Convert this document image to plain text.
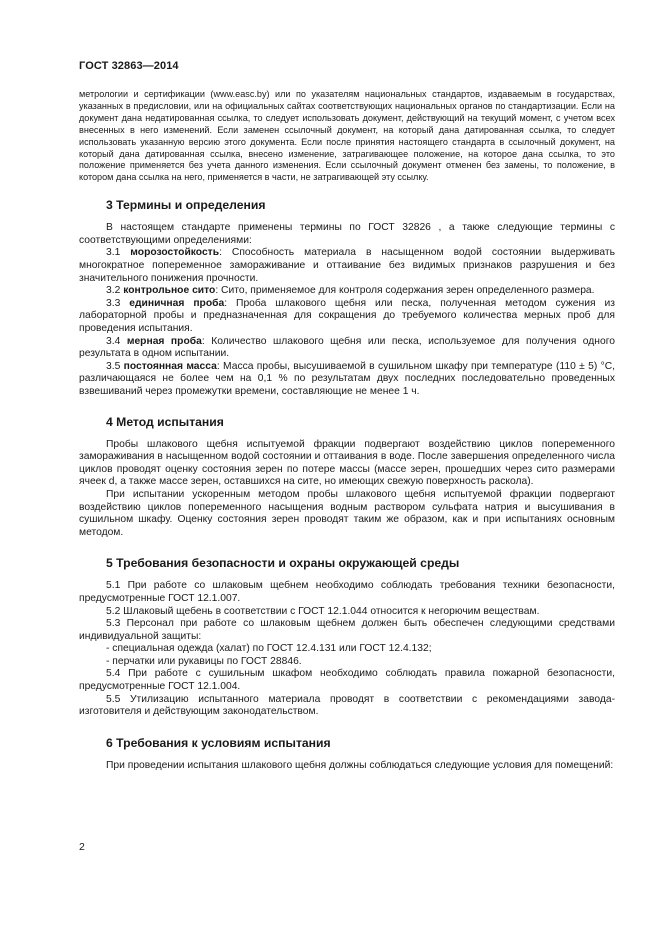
ГОСТ 32863—2014

метрологии и сертификации (www.easc.by) или по указателям национальных стандартов, издаваемым в государствах, указанных в предисловии, или на официальных сайтах соответствующих национальных органов по стандартизации. Если на документ дана недатированная ссылка, то следует использовать документ, действующий на текущий момент, с учетом всех внесенных в него изменений. Если заменен ссылочный документ, на который дана датированная ссылка, то следует использовать указанную версию этого документа. Если после принятия настоящего стандарта в ссылочный документ, на который дана датированная ссылка, внесено изменение, затрагивающее положение, на которое дана ссылка, то это положение применяется без учета данного изменения. Если ссылочный документ отменен без замены, то положение, в котором дана ссылка на него, применяется в части, не затрагивающей эту ссылку.

3 Термины и определения

В настоящем стандарте применены термины по ГОСТ 32826 , а также следующие термины с соответствующими определениями:

3.1 морозостойкость: Способность материала в насыщенном водой состоянии выдерживать многократное попеременное замораживание и оттаивание без видимых признаков разрушения и без значительного понижения прочности.

3.2 контрольное сито: Сито, применяемое для контроля содержания зерен определенного размера.

3.3 единичная проба: Проба шлакового щебня или песка, полученная методом сужения из лабораторной пробы и предназначенная для сокращения до требуемого количества мерных проб для проведения испытания.

3.4 мерная проба: Количество шлакового щебня или песка, используемое для получения одного результата в одном испытании.

3.5 постоянная масса: Масса пробы, высушиваемой в сушильном шкафу при температуре (110 ± 5) °С, различающаяся не более чем на 0,1 % по результатам двух последних последовательно проведенных взвешиваний через промежутки времени, составляющие не менее 1 ч.

4 Метод испытания

Пробы шлакового щебня испытуемой фракции подвергают воздействию циклов попеременного замораживания в насыщенном водой состоянии и оттаивания в воде. После завершения определенного числа циклов проводят оценку состояния зерен по потере массы (массе зерен, прошедших через сито размерами ячеек d, а также массе зерен, оставшихся на сите, но имеющих свежую поверхность раскола).

При испытании ускоренным методом пробы шлакового щебня испытуемой фракции подвергают воздействию циклов попеременного насыщения водным раствором сульфата натрия и высушивания в сушильном шкафу. Оценку состояния зерен проводят таким же образом, как и при испытаниях основным методом.

5 Требования безопасности и охраны окружающей среды

5.1 При работе со шлаковым щебнем необходимо соблюдать требования техники безопасности, предусмотренные ГОСТ 12.1.007.

5.2 Шлаковый щебень в соответствии с ГОСТ 12.1.044 относится к негорючим веществам.

5.3 Персонал при работе со шлаковым щебнем должен быть обеспечен следующими средствами индивидуальной защиты:

- специальная одежда (халат) по ГОСТ 12.4.131 или ГОСТ 12.4.132;

- перчатки или рукавицы по ГОСТ 28846.

5.4 При работе с сушильным шкафом необходимо соблюдать правила пожарной безопасности, предусмотренные ГОСТ 12.1.004.

5.5 Утилизацию испытанного материала проводят в соответствии с рекомендациями завода-изготовителя и действующим законодательством.

6 Требования к условиям испытания

При проведении испытания шлакового щебня должны соблюдаться следующие условия для помещений:

2
